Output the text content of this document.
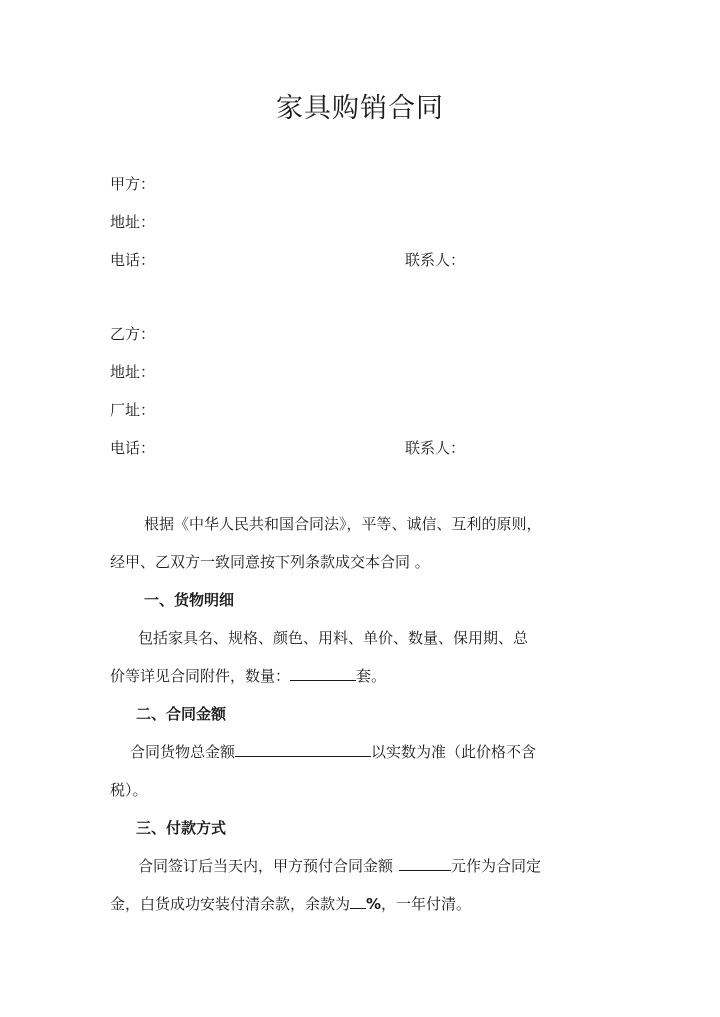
家具购销合同
甲方：
地址：
电话：	联系人：
乙方：
地址：
厂址：
电话：	联系人：
根据《中华人民共和国合同法》，平等、诚信、互利的原则，
经甲、乙双方一致同意按下列条款成交本合同 。
一、货物明细
包括家具名、规格、颜色、用料、单价、数量、保用期、总
价等详见合同附件，数量：	套。
二、合同金额
合同货物总金额	以实数为准（此价格不含
税）。
三、付款方式
合同签订后当天内，甲方预付合同金额	元作为合同定
金，白货成功安装付清余款，余款为 %，一年付清。
